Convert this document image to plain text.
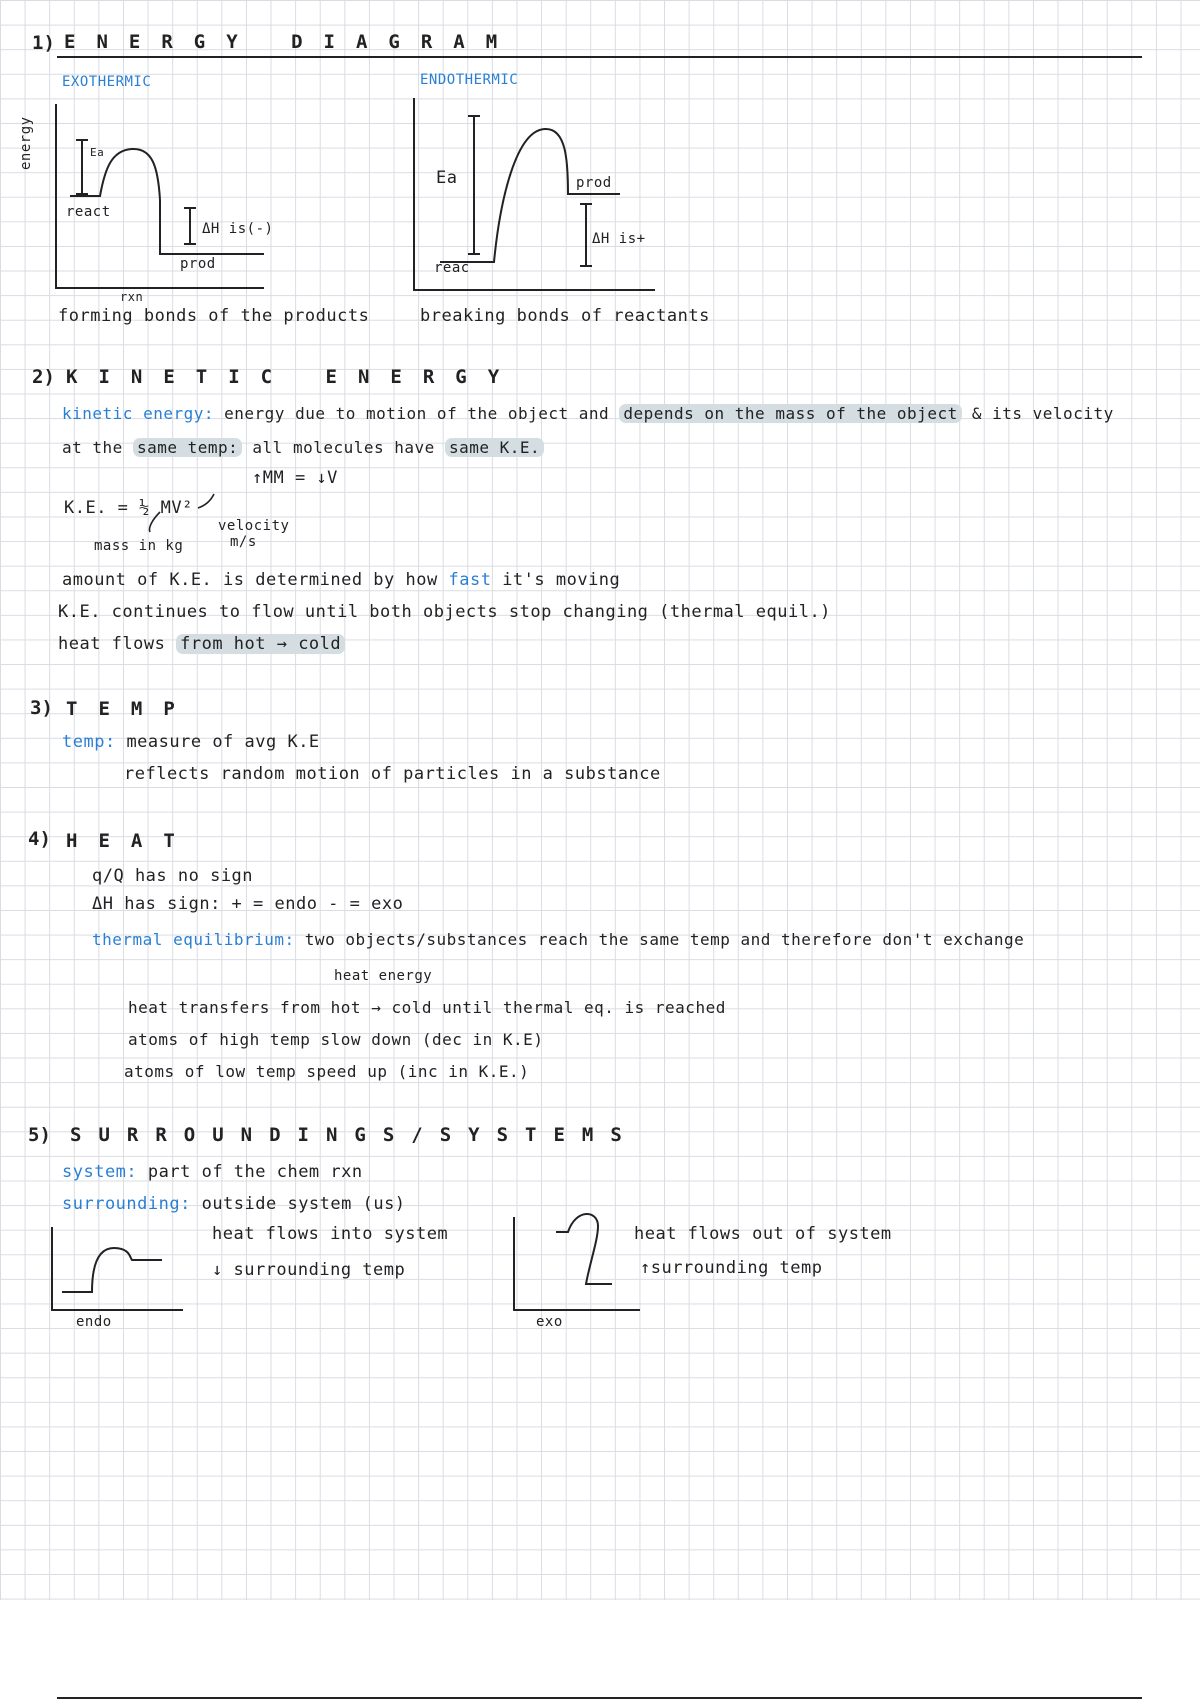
1) ENERGY DIAGRAM
EXOTHERMIC	ENDOTHERMIC
energy	Ea
react
ΔH is(-)
prod
rxn
Ea	prod
ΔH is+
reac
forming bonds of the products	breaking bonds of reactants
2) KINETIC ENERGY
kinetic energy: energy due to motion of the object and depends on the mass of the object & its velocity
at the same temp: all molecules have same K.E.
↑MM = ↓V
K.E. = ½ MV²
mass in kg
velocity
m/s
amount of K.E. is determined by how fast it's moving
K.E. continues to flow until both objects stop changing (thermal equil.)
heat flows from hot → cold
3) TEMP
temp: measure of avg K.E
reflects random motion of particles in a substance
4) HEAT
q/Q has no sign
ΔH has sign: + = endo - = exo
thermal equilibrium: two objects/substances reach the same temp and therefore don't exchange
heat energy
heat transfers from hot → cold until thermal eq. is reached
atoms of high temp slow down (dec in K.E)
atoms of low temp speed up (inc in K.E.)
5) SURROUNDINGS/SYSTEMS
system: part of the chem rxn
surrounding: outside system (us)
heat flows into system
↓ surrounding temp
heat flows out of system
↑surrounding temp
endo	exo
